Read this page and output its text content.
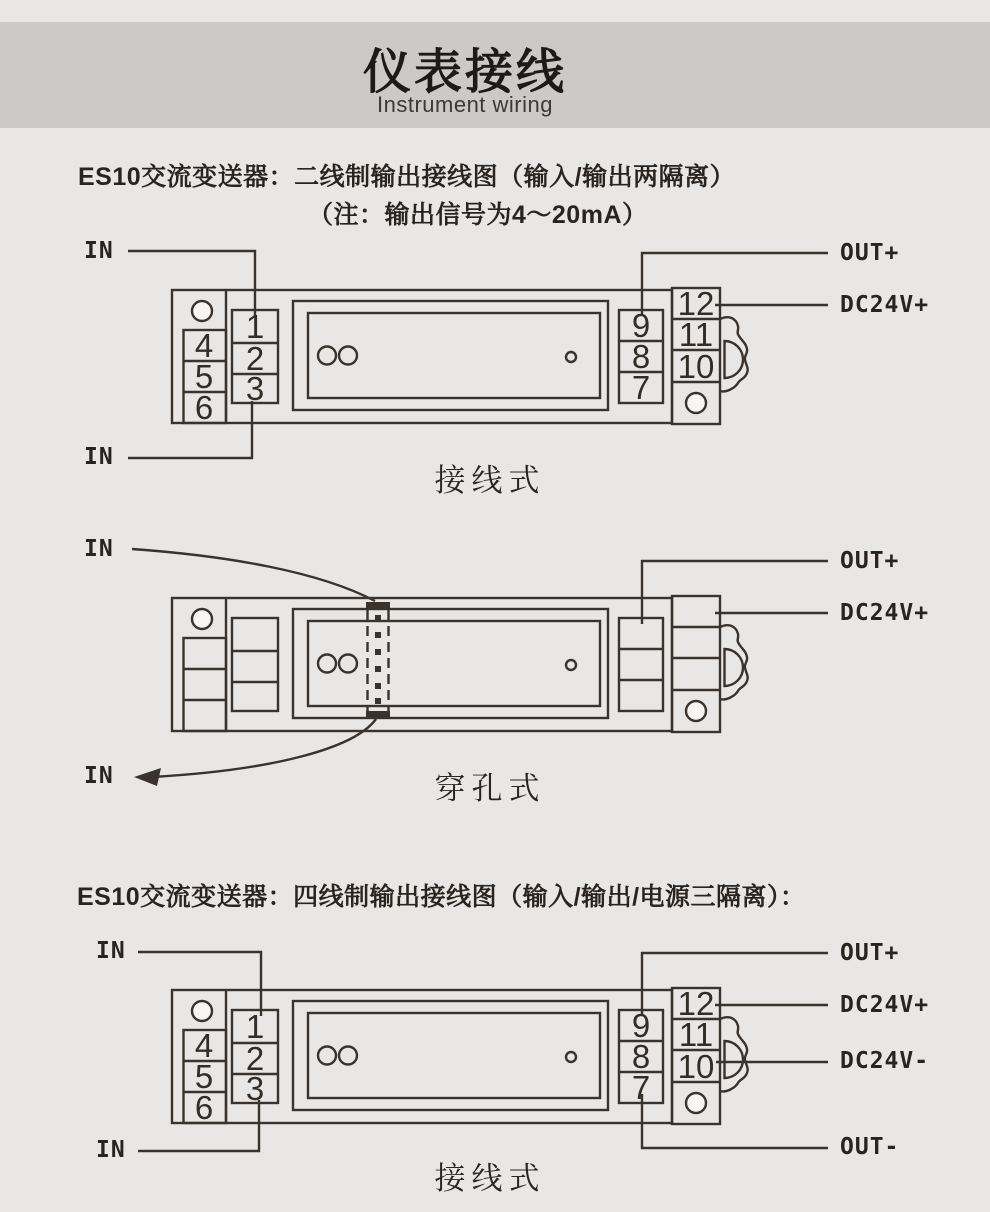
仪表接线
Instrument wiring
ES10交流变送器：二线制输出接线图（输入/输出两隔离）
（注：输出信号为4～20mA）
ES10交流变送器：四线制输出接线图（输入/输出/电源三隔离）：
IN
IN
OUT+
DC24V+
接线式
IN
IN
OUT+
DC24V+
穿孔式
IN
IN
OUT+
DC24V+
DC24V-
OUT-
接线式
1
2
3
4
5
6
9
8
7
12
11
10
1
2
3
4
5
6
9
8
7
12
11
10
